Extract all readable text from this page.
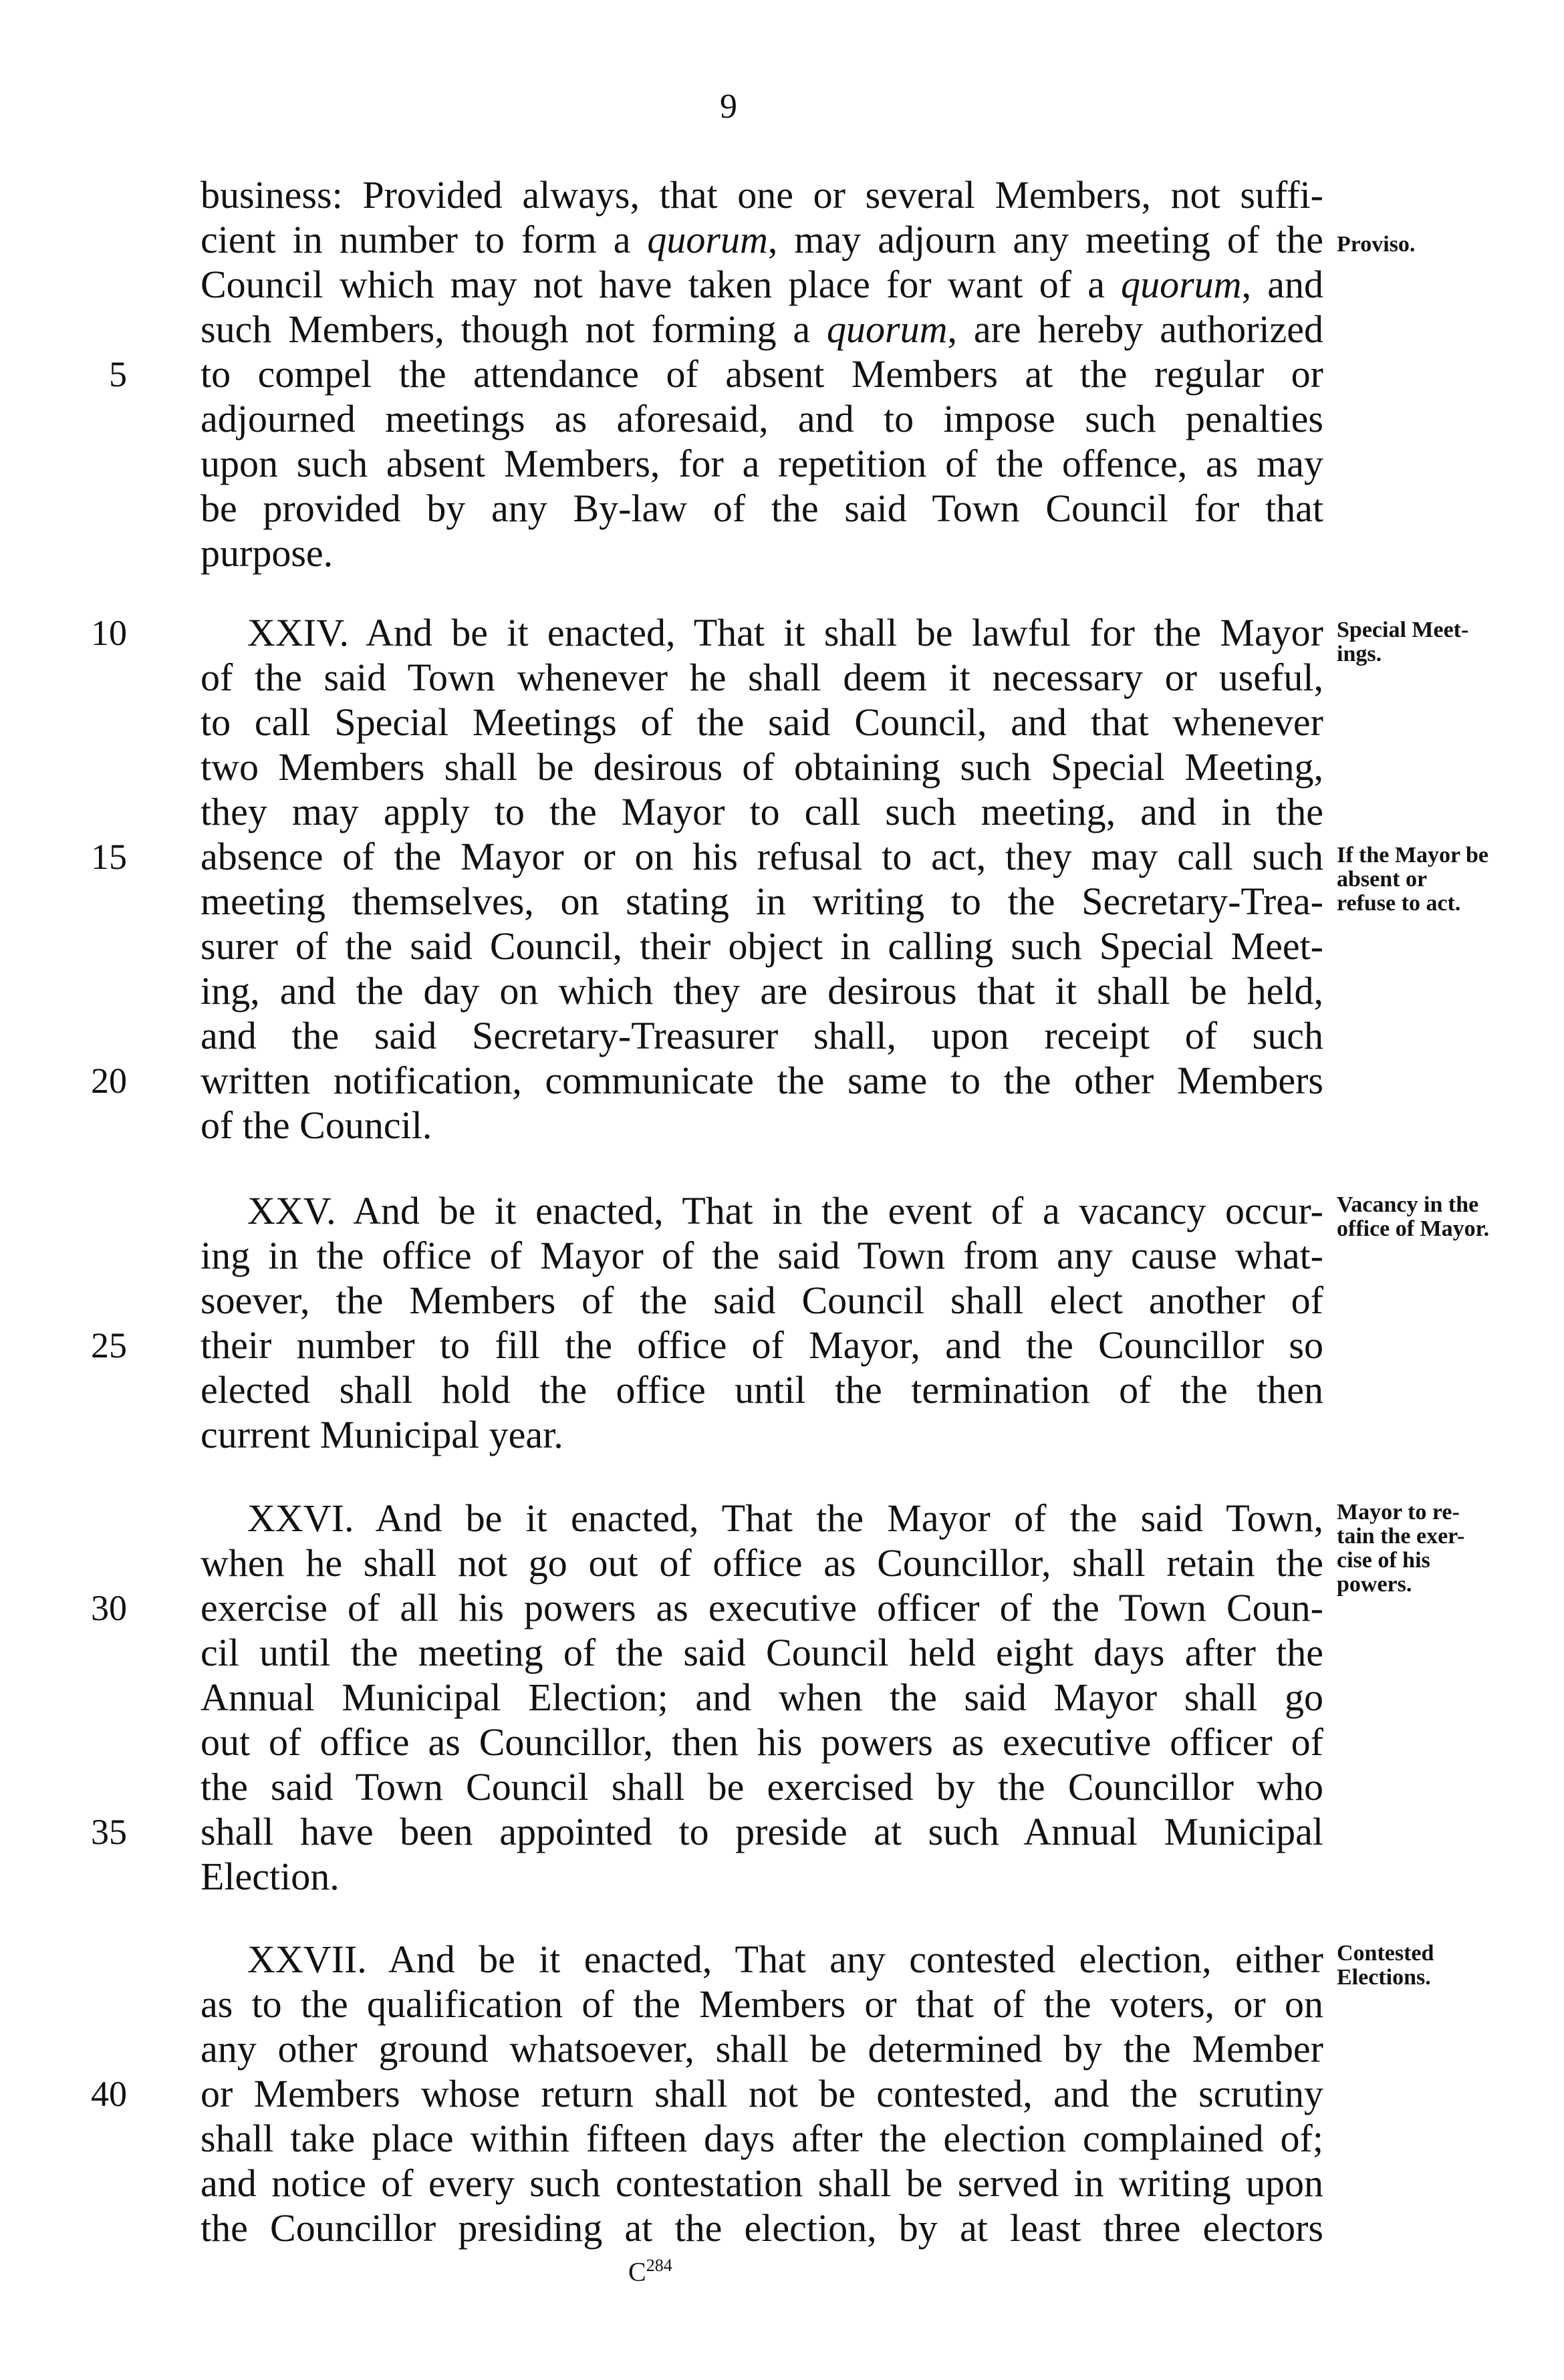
9
business: Provided always, that one or several Members, not suffi-
cient in number to form a quorum, may adjourn any meeting of the
Council which may not have taken place for want of a quorum, and
such Members, though not forming a quorum, are hereby authorized
to compel the attendance of absent Members at the regular or
adjourned meetings as aforesaid, and to impose such penalties
upon such absent Members, for a repetition of the offence, as may
be provided by any By-law of the said Town Council for that
purpose.
XXIV. And be it enacted, That it shall be lawful for the Mayor
of the said Town whenever he shall deem it necessary or useful,
to call Special Meetings of the said Council, and that whenever
two Members shall be desirous of obtaining such Special Meeting,
they may apply to the Mayor to call such meeting, and in the
absence of the Mayor or on his refusal to act, they may call such
meeting themselves, on stating in writing to the Secretary-Trea-
surer of the said Council, their object in calling such Special Meet-
ing, and the day on which they are desirous that it shall be held,
and the said Secretary-Treasurer shall, upon receipt of such
written notification, communicate the same to the other Members
of the Council.
XXV. And be it enacted, That in the event of a vacancy occur-
ing in the office of Mayor of the said Town from any cause what-
soever, the Members of the said Council shall elect another of
their number to fill the office of Mayor, and the Councillor so
elected shall hold the office until the termination of the then
current Municipal year.
XXVI. And be it enacted, That the Mayor of the said Town,
when he shall not go out of office as Councillor, shall retain the
exercise of all his powers as executive officer of the Town Coun-
cil until the meeting of the said Council held eight days after the
Annual Municipal Election; and when the said Mayor shall go
out of office as Councillor, then his powers as executive officer of
the said Town Council shall be exercised by the Councillor who
shall have been appointed to preside at such Annual Municipal
Election.
XXVII. And be it enacted, That any contested election, either
as to the qualification of the Members or that of the voters, or on
any other ground whatsoever, shall be determined by the Member
or Members whose return shall not be contested, and the scrutiny
shall take place within fifteen days after the election complained of;
and notice of every such contestation shall be served in writing upon
the Councillor presiding at the election, by at least three electors
5
10
15
20
25
30
35
40
Proviso.
Special Meet-ings.
If the Mayor be absent or refuse to act.
Vacancy in the office of Mayor.
Mayor to re-tain the exer-cise of his powers.
Contested Elections.
$C^{284}$
